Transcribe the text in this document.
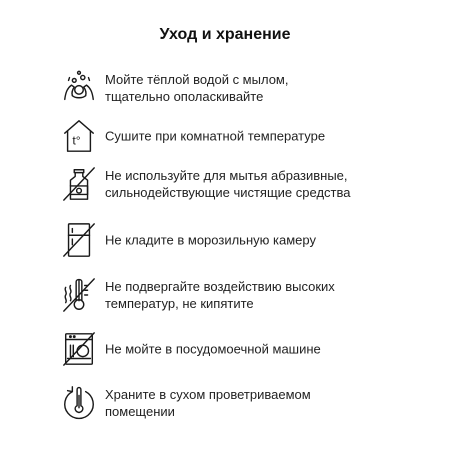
Уход и хранение
Мойте тёплой водой с мылом,
тщательно ополаскивайте
t° Сушите при комнатной температуре
Не используйте для мытья абразивные,
сильнодействующие чистящие средства
Не кладите в морозильную камеру
Не подвергайте воздействию высоких
температур, не кипятите
Не мойте в посудомоечной машине
Храните в сухом проветриваемом
помещении
